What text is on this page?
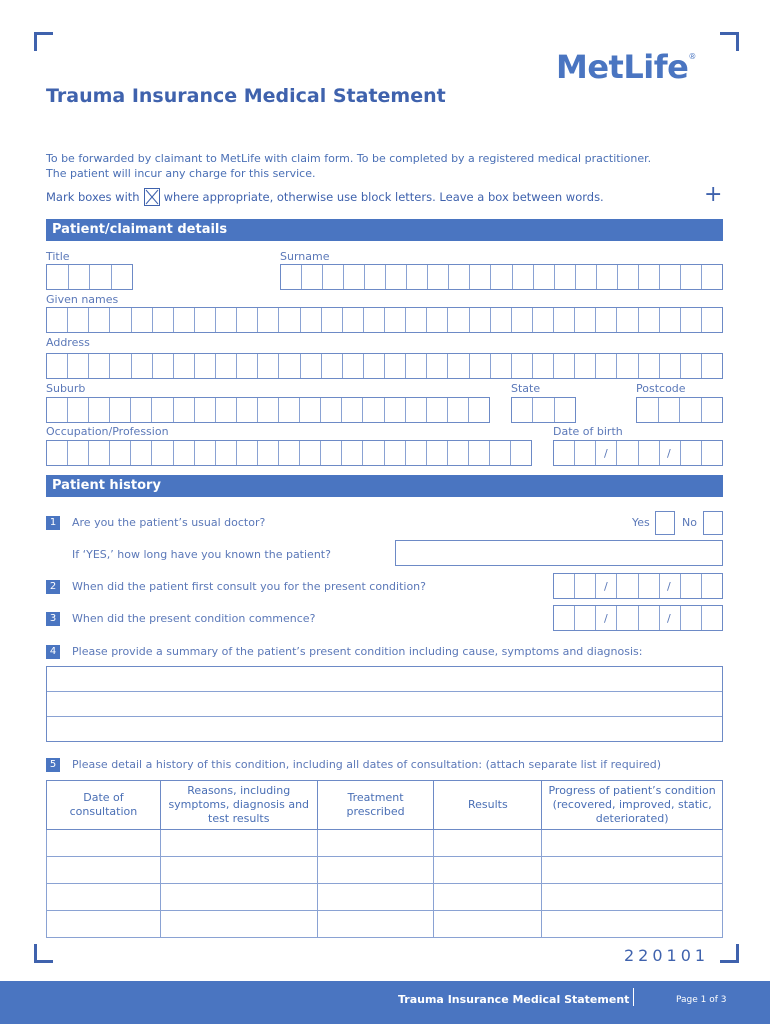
MetLife®
Trauma Insurance Medical Statement
To be forwarded by claimant to MetLife with claim form. To be completed by a registered medical practitioner.
The patient will incur any charge for this service.
Mark boxes with ☒ where appropriate, otherwise use block letters. Leave a box between words.	+
Patient/claimant details
Title	Surname
Given names
Address
Suburb	State	Postcode
Occupation/Profession	Date of birth
/	/
Patient history
1	Are you the patient’s usual doctor?	Yes	No
If ‘YES,’ how long have you known the patient?
2	When did the patient first consult you for the present condition?	/	/
3	When did the present condition commence?	/	/
4	Please provide a summary of the patient’s present condition including cause, symptoms and diagnosis:
5	Please detail a history of this condition, including all dates of consultation: (attach separate list if required)
Date of consultation	Reasons, including symptoms, diagnosis and test results	Treatment prescribed	Results	Progress of patient’s condition (recovered, improved, static, deteriorated)

220101
Trauma Insurance Medical Statement	Page 1 of 3
